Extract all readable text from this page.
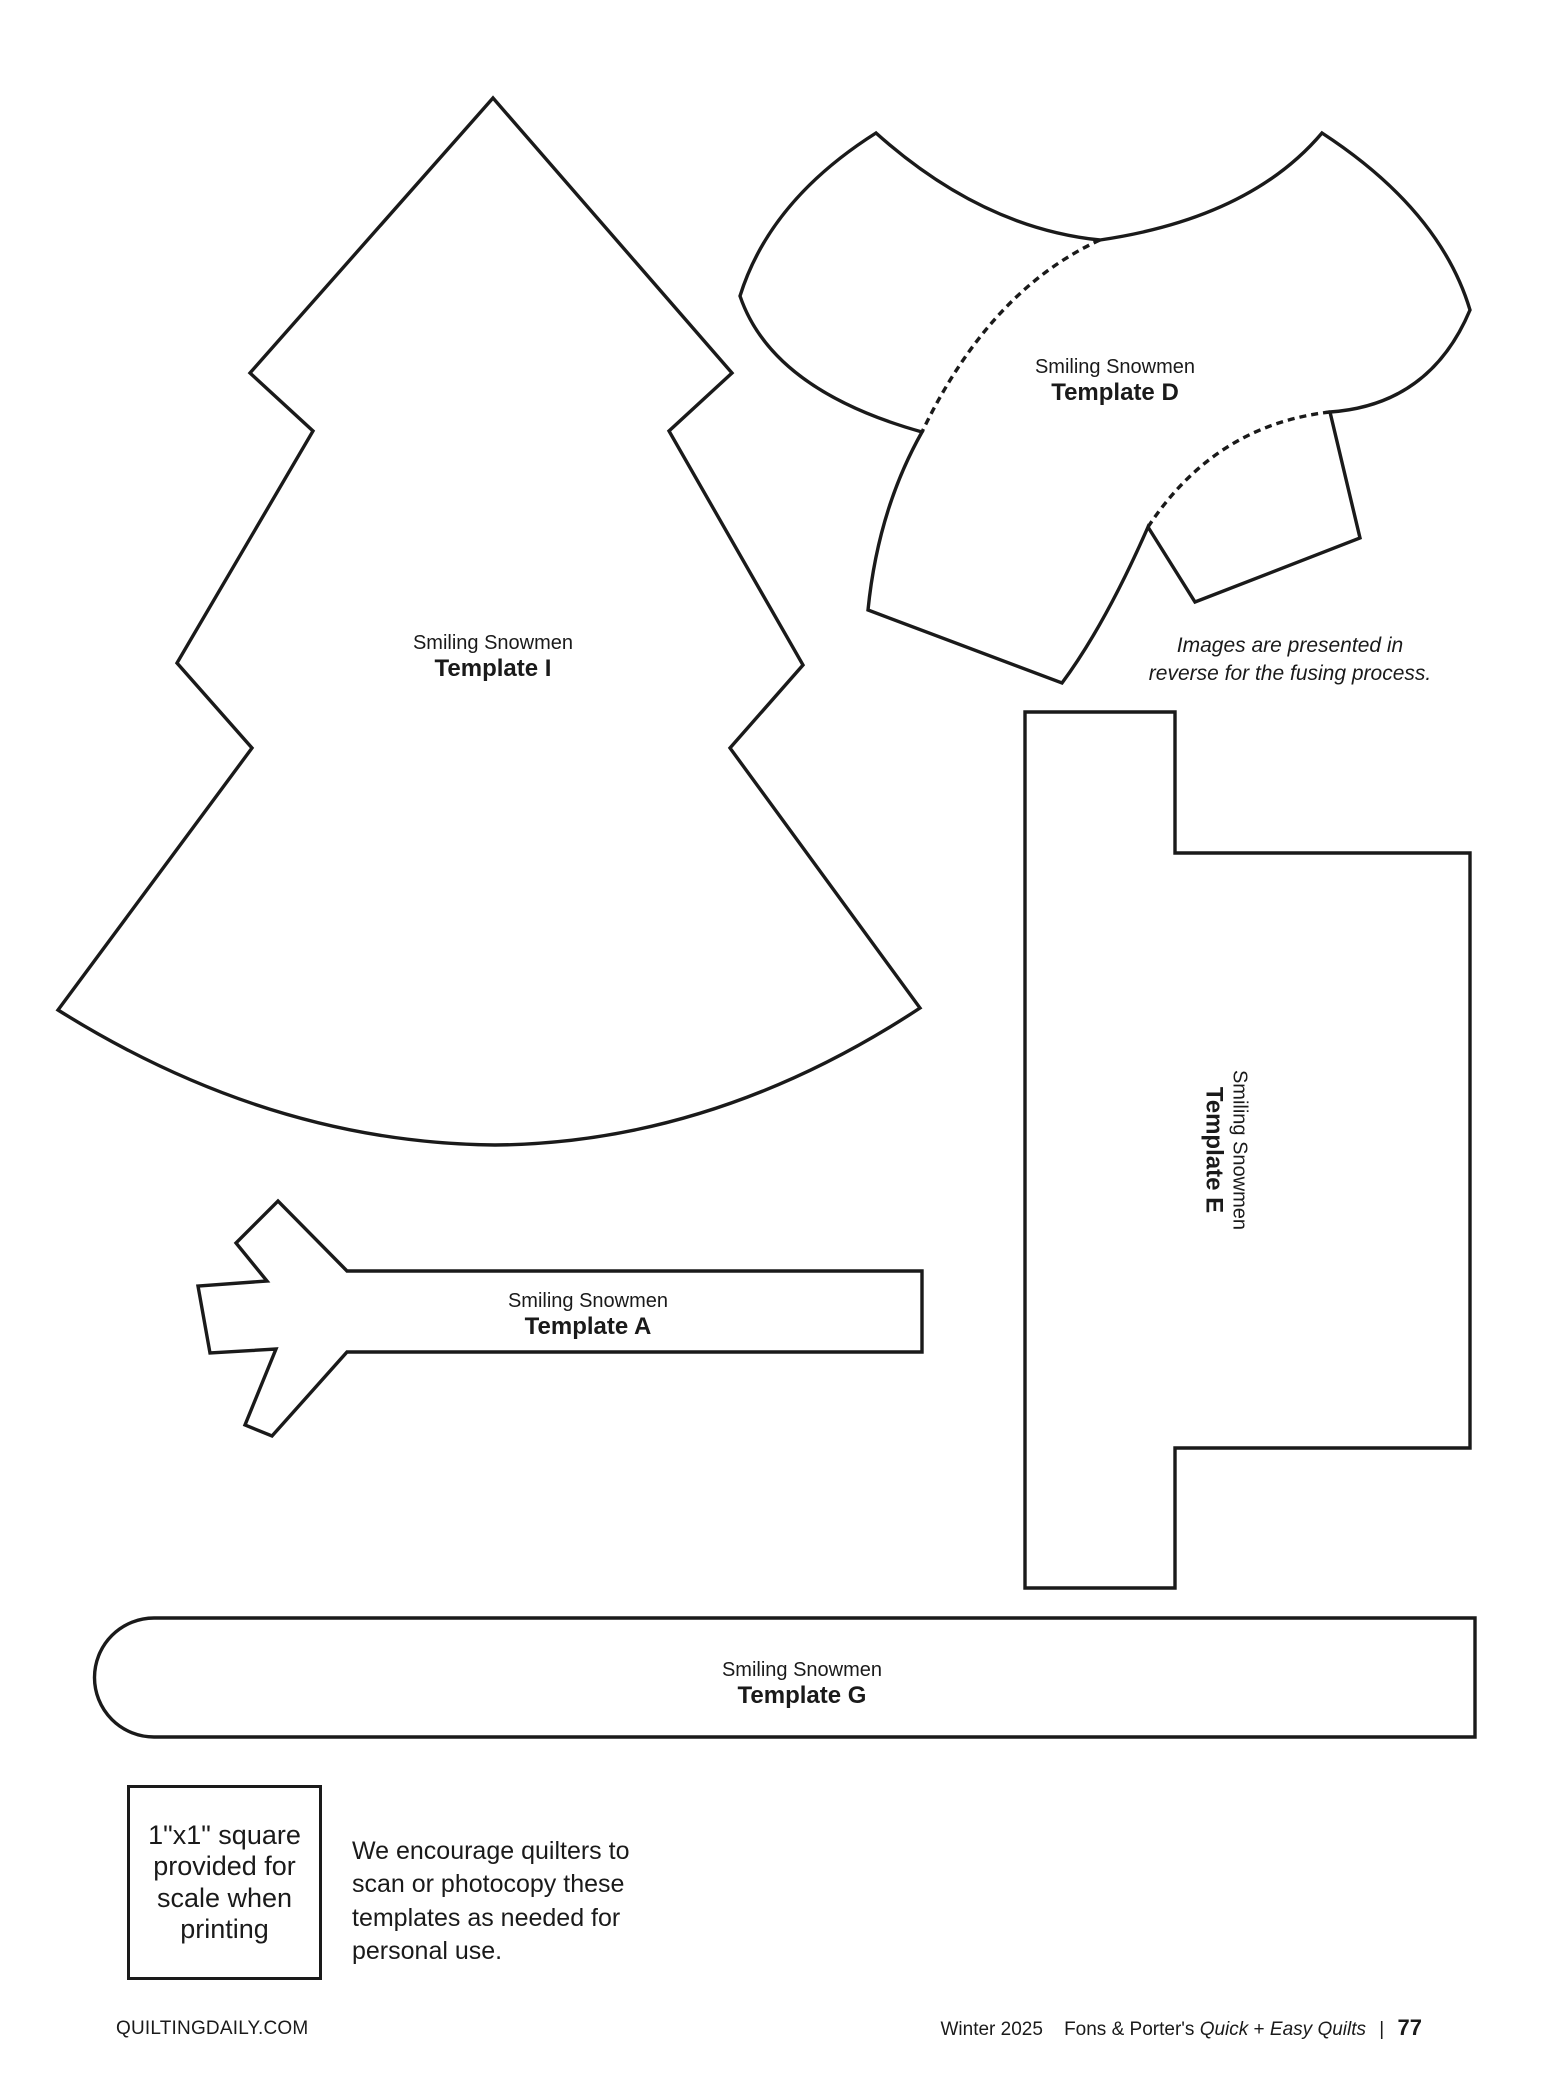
Smiling Snowmen
Template I
Smiling Snowmen
Template D
Images are presented in
reverse for the fusing process.
Smiling Snowmen
Template E
Smiling Snowmen
Template A
Smiling Snowmen
Template G
1"x1" square
provided for
scale when
printing
We encourage quilters to
scan or photocopy these
templates as needed for
personal use.
QUILTINGDAILY.COM	Winter 2025 Fons & Porter's Quick + Easy Quilts | 77
